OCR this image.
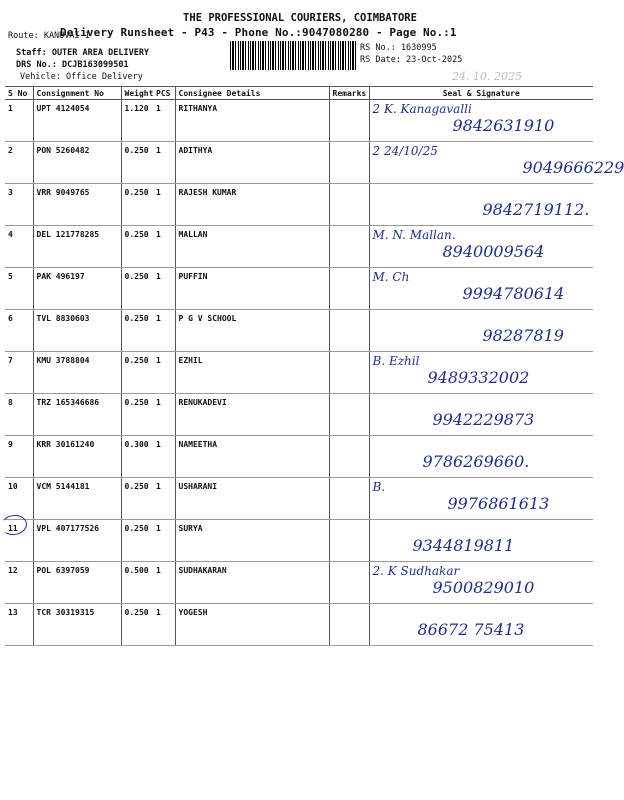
THE PROFESSIONAL COURIERS, COIMBATORE
Delivery Runsheet - P43 - Phone No.:9047080280 - Page No.:1
Route: KANUVAI 1
Staff: OUTER AREA DELIVERY
DRS No.: DCJB163099501
Vehicle: Office Delivery
RS No.: 1630995
RS Date: 23-Oct-2025
24. 10. 2025
S No	Consignment No	Weight	PCS	Consignee Details	Remarks	Seal & Signature
1	UPT 4124054	1.120	1	RITHANYA		2 K. Kanagavalli
9842631910

2	PON 5260482	0.250	1	ADITHYA		2 24/10/25
9049666229

3	VRR 9049765	0.250	1	RAJESH KUMAR		9842719112.

4	DEL 121778285	0.250	1	MALLAN		M. N. Mallan.
8940009564

5	PAK 496197	0.250	1	PUFFIN		M. Ch
9994780614

6	TVL 8830603	0.250	1	P G V SCHOOL		98287819

7	KMU 3788804	0.250	1	EZHIL		B. Ezhil
9489332002

8	TRZ 165346686	0.250	1	RENUKADEVI		9942229873

9	KRR 30161240	0.300	1	NAMEETHA		9786269660.

10	VCM 5144181	0.250	1	USHARANI		B.
9976861613

11	VPL 407177526	0.250	1	SURYA		9344819811

12	POL 6397059	0.500	1	SUDHAKARAN		2. K Sudhakar
9500829010

13	TCR 30319315	0.250	1	YOGESH		86672 75413
